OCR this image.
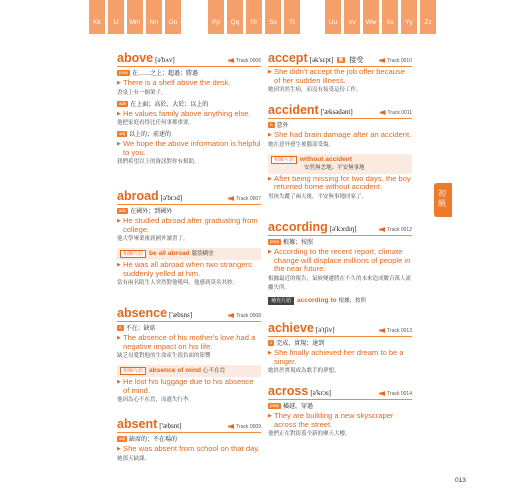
Kk	Ll	Mm	Nn	Oo	Pp	Qq	Rr	Ss	Tt	Uu	Vv	Ww	Xx	Yy	Zz
初級
above [ə'bʌv]	Track 0006
prep 在……之上；超過；勝過
▶ There is a shelf above the desk.
書桌上有一個架子。
adv 在上面；高於、大於；以上的
▶ He values family above anything else.
他把家庭看得比任何事都重要。
adj 以上的；前述的
▶ We hope the above information is helpful to you.
我們希望以上的資訊對你有幫助。
abroad [ə'brɔd]	Track 0007
adv 在國外；到國外
▶ He studied abroad after graduating from college.
他大學畢業後到國外讀書了。
相關片語 be all abroad 腦袋糊塗
▶ He was all abroad when two strangers suddenly yelled at him.
當有兩名陌生人突然對他吼叫，他感到莫名其妙。
absence ['æbsns]	Track 0008
n 不在；缺席
▶ The absence of his mother's love had a negative impact on his life.
缺乏母愛對他的生命產生很負面的影響
相關片語 absence of mind 心不在焉
▶ He lost his luggage due to his absence of mind.
他因為心不在焉，而遺失行李。
absent ['æbsnt]	Track 0009
adj 缺席的；不在場的
▶ She was absent from school on that day.
她那天缺課。
accept [ək'sɛpt] 動 接受	Track 0010
▶ She didn't accept the job offer because of her sudden illness.
她因突然生病，而沒有接受這份工作。
accident ['æksədənt]	Track 0011
n 意外
▶ She had brain damage after an accident.
她在意外發生後腦部受傷。
相關片語 without accident
安然無恙地；平安無事地
▶ After being missing for two days, the boy returned home without accident.
男孩失蹤了兩天後，平安無事地回家了。
according [ə'kɔrdɪŋ]	Track 0012
prep 根據；按照
▶ According to the recent report, climate change will displace millions of people in the near future.
根據最近的報告，氣候變遷將在不久的未來造成數百萬人流離失所。
補充片語 according to 根據，按照
achieve [ə'tʃiv]	Track 0013
v 完成，實現；達到
▶ She finally achieved her dream to be a singer.
她終於實現成為歌手的夢想。
across [ə'krɔs]	Track 0014
prep 橫越，穿過
▶ They are building a new skyscraper across the street.
他們正在對街蓋全新的摩天大樓。
013
